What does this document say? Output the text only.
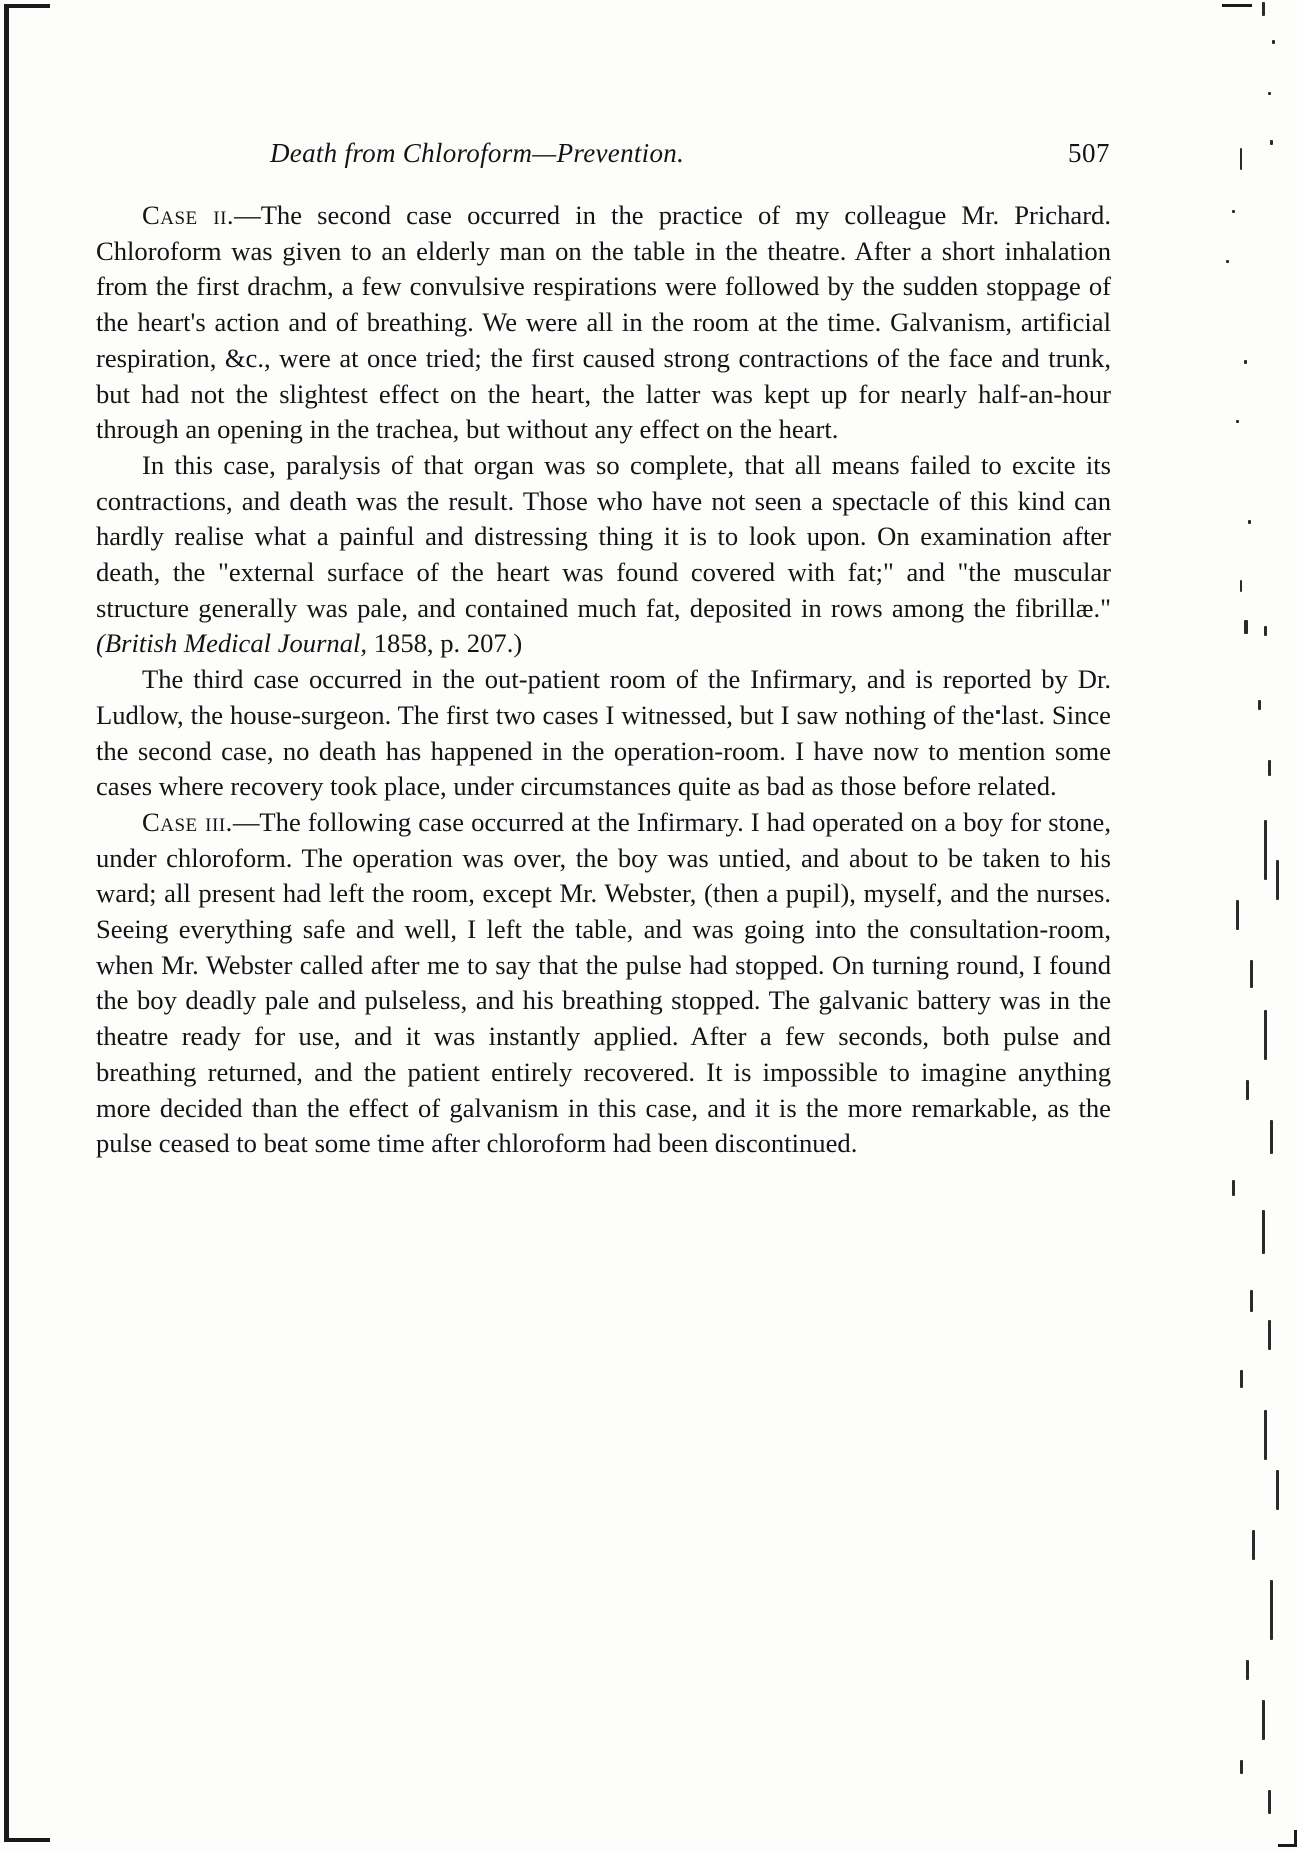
Death from Chloroform—Prevention.	507

Case ii.—The second case occurred in the practice of my colleague Mr. Prichard. Chloroform was given to an elderly man on the table in the theatre. After a short inhalation from the first drachm, a few convulsive respirations were followed by the sudden stoppage of the heart's action and of breathing. We were all in the room at the time. Galvanism, artificial respiration, &c., were at once tried; the first caused strong contractions of the face and trunk, but had not the slightest effect on the heart, the latter was kept up for nearly half-an-hour through an opening in the trachea, but without any effect on the heart.

In this case, paralysis of that organ was so complete, that all means failed to excite its contractions, and death was the result. Those who have not seen a spectacle of this kind can hardly realise what a painful and distressing thing it is to look upon. On examination after death, the "external surface of the heart was found covered with fat;" and "the muscular structure generally was pale, and contained much fat, deposited in rows among the fibrillæ." (British Medical Journal, 1858, p. 207.)

The third case occurred in the out-patient room of the Infirmary, and is reported by Dr. Ludlow, the house-surgeon. The first two cases I witnessed, but I saw nothing of the last. Since the second case, no death has happened in the operation-room. I have now to mention some cases where recovery took place, under circumstances quite as bad as those before related.

Case iii.—The following case occurred at the Infirmary. I had operated on a boy for stone, under chloroform. The operation was over, the boy was untied, and about to be taken to his ward; all present had left the room, except Mr. Webster, (then a pupil), myself, and the nurses. Seeing everything safe and well, I left the table, and was going into the consultation-room, when Mr. Webster called after me to say that the pulse had stopped. On turning round, I found the boy deadly pale and pulseless, and his breathing stopped. The galvanic battery was in the theatre ready for use, and it was instantly applied. After a few seconds, both pulse and breathing returned, and the patient entirely recovered. It is impossible to imagine anything more decided than the effect of galvanism in this case, and it is the more remarkable, as the pulse ceased to beat some time after chloroform had been discontinued.
